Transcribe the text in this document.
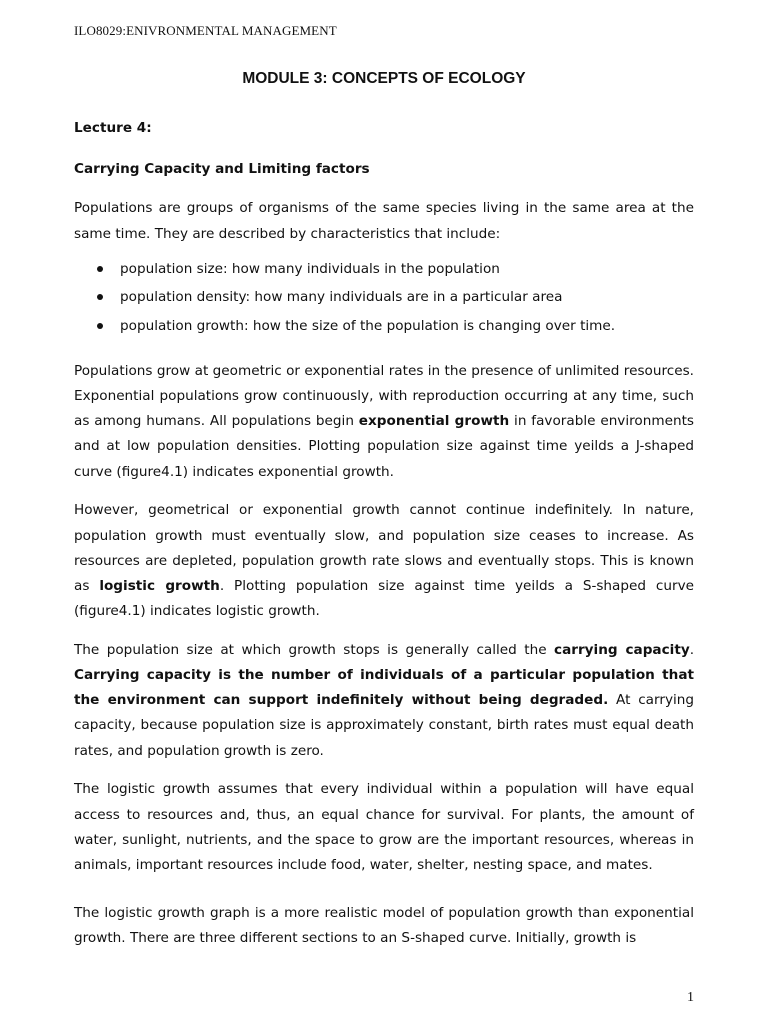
ILO8029:ENIVRONMENTAL MANAGEMENT
MODULE 3: CONCEPTS OF ECOLOGY

Lecture 4:

Carrying Capacity and Limiting factors

Populations are groups of organisms of the same species living in the same area at the same time. They are described by characteristics that include:

population size: how many individuals in the population
population density: how many individuals are in a particular area
population growth: how the size of the population is changing over time.

Populations grow at geometric or exponential rates in the presence of unlimited resources. Exponential populations grow continuously, with reproduction occurring at any time, such as among humans. All populations begin exponential growth in favorable environments and at low population densities. Plotting population size against time yeilds a J-shaped curve (figure4.1) indicates exponential growth.

However, geometrical or exponential growth cannot continue indefinitely. In nature, population growth must eventually slow, and population size ceases to increase. As resources are depleted, population growth rate slows and eventually stops. This is known as logistic growth. Plotting population size against time yeilds a S-shaped curve (figure4.1) indicates logistic growth.

The population size at which growth stops is generally called the carrying capacity. Carrying capacity is the number of individuals of a particular population that the environment can support indefinitely without being degraded. At carrying capacity, because population size is approximately constant, birth rates must equal death rates, and population growth is zero.

The logistic growth assumes that every individual within a population will have equal access to resources and, thus, an equal chance for survival. For plants, the amount of water, sunlight, nutrients, and the space to grow are the important resources, whereas in animals, important resources include food, water, shelter, nesting space, and mates.

The logistic growth graph is a more realistic model of population growth than exponential growth. There are three different sections to an S-shaped curve. Initially, growth is

1
